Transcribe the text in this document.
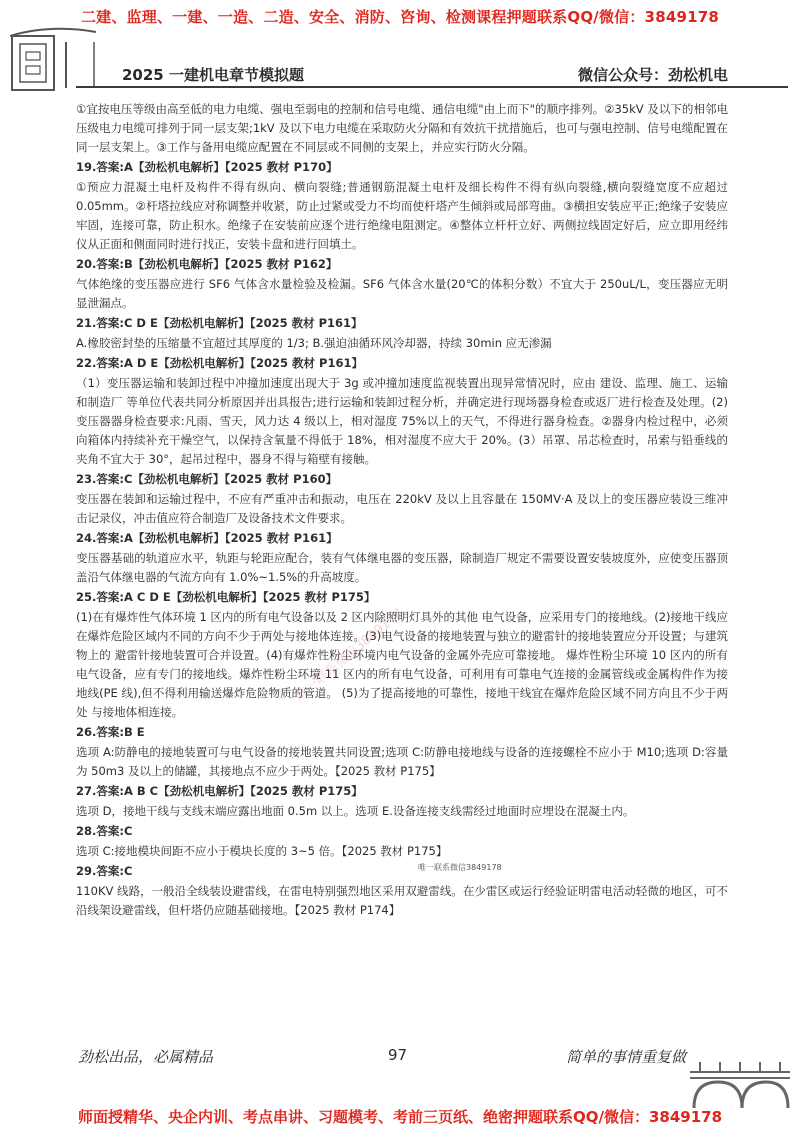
二建、监理、一建、一造、二造、安全、消防、咨询、检测课程押题联系QQ/微信：3849178
2025 一建机电章节模拟题	微信公众号：劲松机电

①宜按电压等级由高至低的电力电缆、强电至弱电的控制和信号电缆、通信电缆"由上而下"的顺序排列。②35kV 及以下的相邻电压级电力电缆可排列于同一层支架;1kV 及以下电力电缆在采取防火分隔和有效抗干扰措施后，也可与强电控制、信号电缆配置在同一层支架上。③工作与备用电缆应配置在不同层或不同侧的支架上，并应实行防火分隔。

19.答案:A【劲松机电解析】【2025 教材 P170】

①预应力混凝土电杆及构件不得有纵向、横向裂缝;普通钢筋混凝土电杆及细长构件不得有纵向裂缝,横向裂缝宽度不应超过 0.05mm。②杆塔拉线应对称调整并收紧，防止过紧或受力不均而使杆塔产生倾斜或局部弯曲。③横担安装应平正;绝缘子安装应牢固，连接可靠，防止积水。绝缘子在安装前应逐个进行绝缘电阻测定。④整体立杆杆立好、两侧拉线固定好后，应立即用经纬仪从正面和侧面同时进行找正，安装卡盘和进行回填土。

20.答案:B【劲松机电解析】【2025 教材 P162】

气体绝缘的变压器应进行 SF6 气体含水量检验及检漏。SF6 气体含水量(20℃的体积分数）不宜大于 250uL/L，变压器应无明显泄漏点。

21.答案:C D E【劲松机电解析】【2025 教材 P161】

A.橡胶密封垫的压缩量不宜超过其厚度的 1/3; B.强迫油循环风冷却器，持续 30min 应无渗漏

22.答案:A D E【劲松机电解析】【2025 教材 P161】

（1）变压器运输和装卸过程中冲撞加速度出现大于 3g 或冲撞加速度监视装置出现异常情况时，应由 建设、监理、施工、运输和制造厂 等单位代表共同分析原因并出具报告;进行运输和装卸过程分析，并确定进行现场器身检查或返厂进行检查及处理。(2)变压器器身检查要求:凡雨、雪天，风力达 4 级以上，相对湿度 75%以上的天气，不得进行器身检查。②器身内检过程中，必须向箱体内持续补充干燥空气，以保持含氧量不得低于 18%，相对湿度不应大于 20%。(3）吊罩、吊芯检查时，吊索与铅垂线的夹角不宜大于 30°，起吊过程中，器身不得与箱壁有接触。

23.答案:C【劲松机电解析】【2025 教材 P160】

变压器在装卸和运输过程中，不应有严重冲击和振动，电压在 220kV 及以上且容量在 150MV·A 及以上的变压器应装设三维冲击记录仪，冲击值应符合制造厂及设备技术文件要求。

24.答案:A【劲松机电解析】【2025 教材 P161】

变压器基础的轨道应水平，轨距与轮距应配合，装有气体继电器的变压器，除制造厂规定不需要设置安装坡度外，应使变压器顶盖沿气体继电器的气流方向有 1.0%~1.5%的升高坡度。

25.答案:A C D E【劲松机电解析】【2025 教材 P175】

(1)在有爆炸性气体环境 1 区内的所有电气设备以及 2 区内除照明灯具外的其他 电气设备，应采用专门的接地线。(2)接地干线应在爆炸危险区域内不同的方向不少于两处与接地体连接。(3)电气设备的接地装置与独立的避雷针的接地装置应分开设置；与建筑物上的 避雷针接地装置可合并设置。(4)有爆炸性粉尘环境内电气设备的金属外壳应可靠接地。 爆炸性粉尘环境 10 区内的所有电气设备，应有专门的接地线。爆炸性粉尘环境 11 区内的所有电气设备，可利用有可靠电气连接的金属管线或金属构件作为接地线(PE 线),但不得利用输送爆炸危险物质的管道。 (5)为了提高接地的可靠性，接地干线宜在爆炸危险区域不同方向且不少于两处 与接地体相连接。

26.答案:B E

选项 A:防静电的接地装置可与电气设备的接地装置共同设置;选项 C:防静电接地线与设备的连接螺栓不应小于 M10;选项 D:容量为 50m3 及以上的储罐，其接地点不应少于两处。【2025 教材 P175】

27.答案:A B C【劲松机电解析】【2025 教材 P175】

选项 D，接地干线与支线末端应露出地面 0.5m 以上。选项 E.设备连接支线需经过地面时应埋设在混凝土内。

28.答案:C

选项 C:接地模块间距不应小于模块长度的 3~5 倍。【2025 教材 P175】

29.答案:C

110KV 线路，一般沿全线装设避雷线，在雷电特别强烈地区采用双避雷线。在少雷区或运行经验证明雷电活动轻微的地区，可不沿线架设避雷线，但杆塔仍应随基础接地。【2025 教材 P174】

唯一联系微信3849178
唯一联系微信3849178
劲松出品，必属精品	97	简单的事情重复做
师面授精华、央企内训、考点串讲、习题模考、考前三页纸、绝密押题联系QQ/微信：3849178
